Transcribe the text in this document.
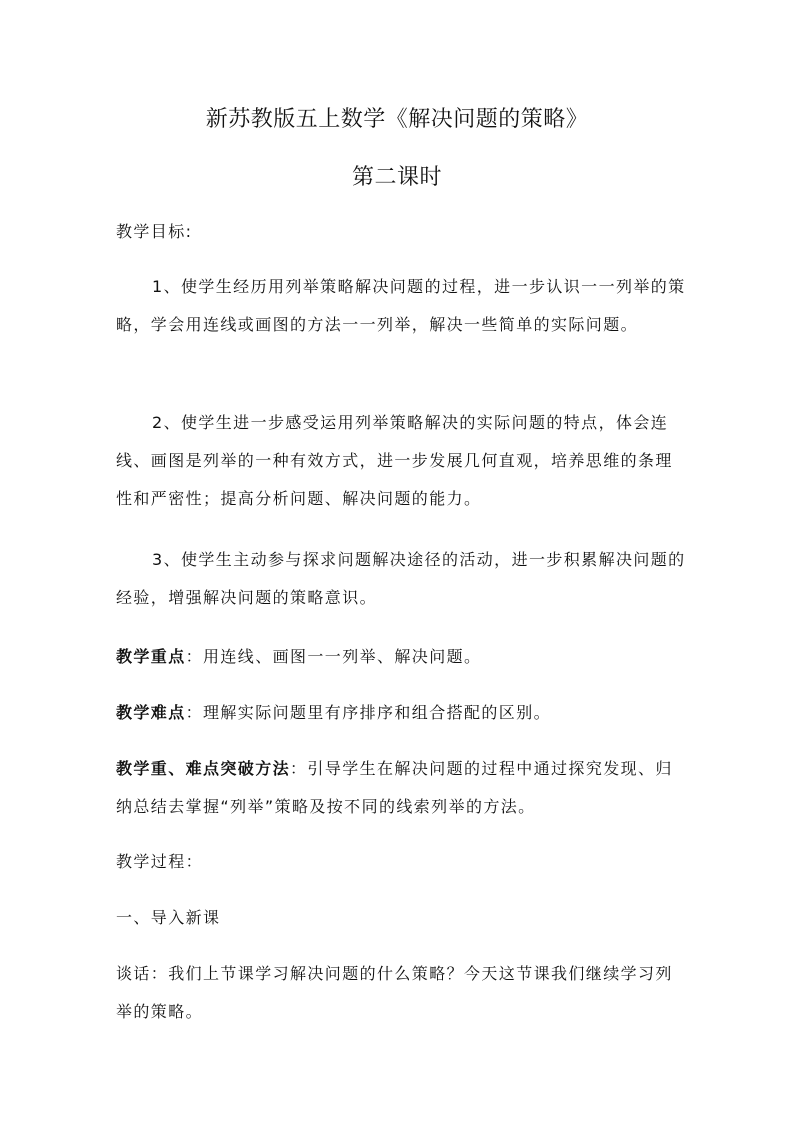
新苏教版五上数学《解决问题的策略》
第二课时

教学目标:

1、使学生经历用列举策略解决问题的过程，进一步认识一一列举的策略，学会用连线或画图的方法一一列举，解决一些简单的实际问题。

2、使学生进一步感受运用列举策略解决的实际问题的特点，体会连线、画图是列举的一种有效方式，进一步发展几何直观，培养思维的条理性和严密性；提高分析问题、解决问题的能力。

3、使学生主动参与探求问题解决途径的活动，进一步积累解决问题的经验，增强解决问题的策略意识。

教学重点：用连线、画图一一列举、解决问题。

教学难点：理解实际问题里有序排序和组合搭配的区别。

教学重、难点突破方法：引导学生在解决问题的过程中通过探究发现、归纳总结去掌握“列举”策略及按不同的线索列举的方法。

教学过程：

一、导入新课

谈话：我们上节课学习解决问题的什么策略？今天这节课我们继续学习列举的策略。
